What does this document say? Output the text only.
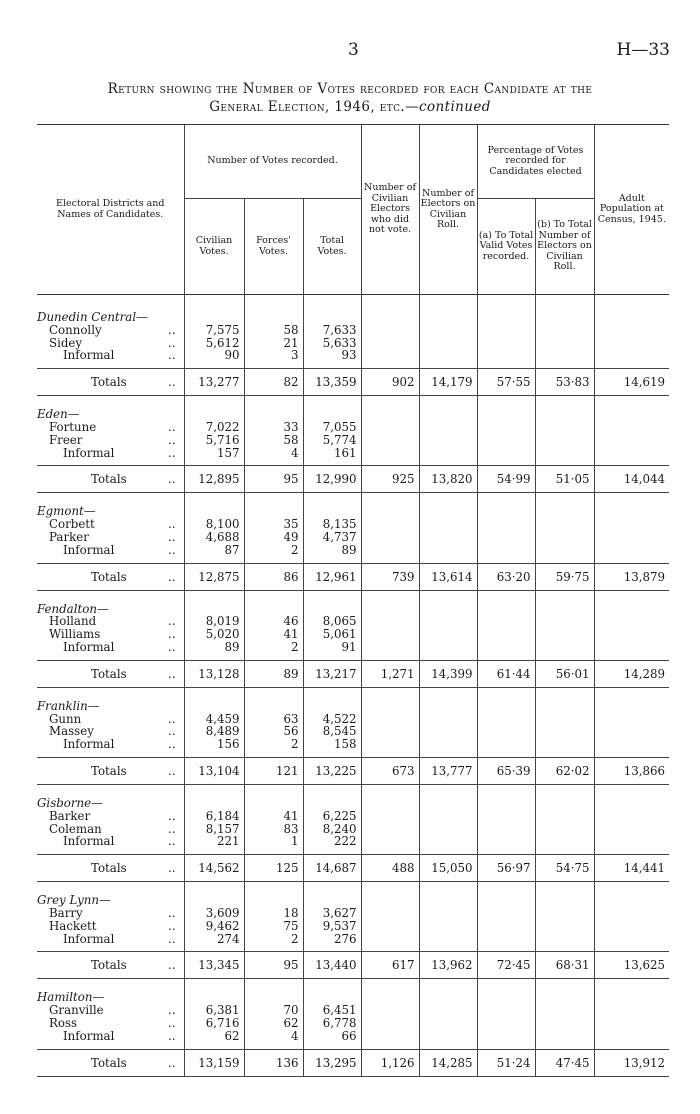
3	H—33
Return showing the Number of Votes recorded for each Candidate at the
General Election, 1946, etc.—continued
Electoral Districts and Names of Candidates.	Number of Votes recorded.			Number of Civilian Electors who did not vote.	Number of Electors on Civilian Roll.	Percentage of Votes recorded for Candidates elected		Adult Population at Census, 1945.
	Civilian Votes.	Forces' Votes.	Total Votes.			(a) To Total Valid Votes recorded.	(b) To Total Number of Electors on Civilian Roll.	

Dunedin Central—								
Connolly ..	7,575	58	7,633					
Sidey ..	5,612	21	5,633					
Informal ..	90	3	93					

Totals ..	13,277	82	13,359	902	14,179	57·55	53·83	14,619

Eden—								
Fortune ..	7,022	33	7,055					
Freer ..	5,716	58	5,774					
Informal ..	157	4	161					

Totals ..	12,895	95	12,990	925	13,820	54·99	51·05	14,044

Egmont—								
Corbett ..	8,100	35	8,135					
Parker ..	4,688	49	4,737					
Informal ..	87	2	89					

Totals ..	12,875	86	12,961	739	13,614	63·20	59·75	13,879

Fendalton—								
Holland ..	8,019	46	8,065					
Williams ..	5,020	41	5,061					
Informal ..	89	2	91					

Totals ..	13,128	89	13,217	1,271	14,399	61·44	56·01	14,289

Franklin—								
Gunn ..	4,459	63	4,522					
Massey ..	8,489	56	8,545					
Informal ..	156	2	158					

Totals ..	13,104	121	13,225	673	13,777	65·39	62·02	13,866

Gisborne—								
Barker ..	6,184	41	6,225					
Coleman ..	8,157	83	8,240					
Informal ..	221	1	222					

Totals ..	14,562	125	14,687	488	15,050	56·97	54·75	14,441

Grey Lynn—								
Barry ..	3,609	18	3,627					
Hackett ..	9,462	75	9,537					
Informal ..	274	2	276					

Totals ..	13,345	95	13,440	617	13,962	72·45	68·31	13,625

Hamilton—								
Granville ..	6,381	70	6,451					
Ross ..	6,716	62	6,778					
Informal ..	62	4	66					

Totals ..	13,159	136	13,295	1,126	14,285	51·24	47·45	13,912
